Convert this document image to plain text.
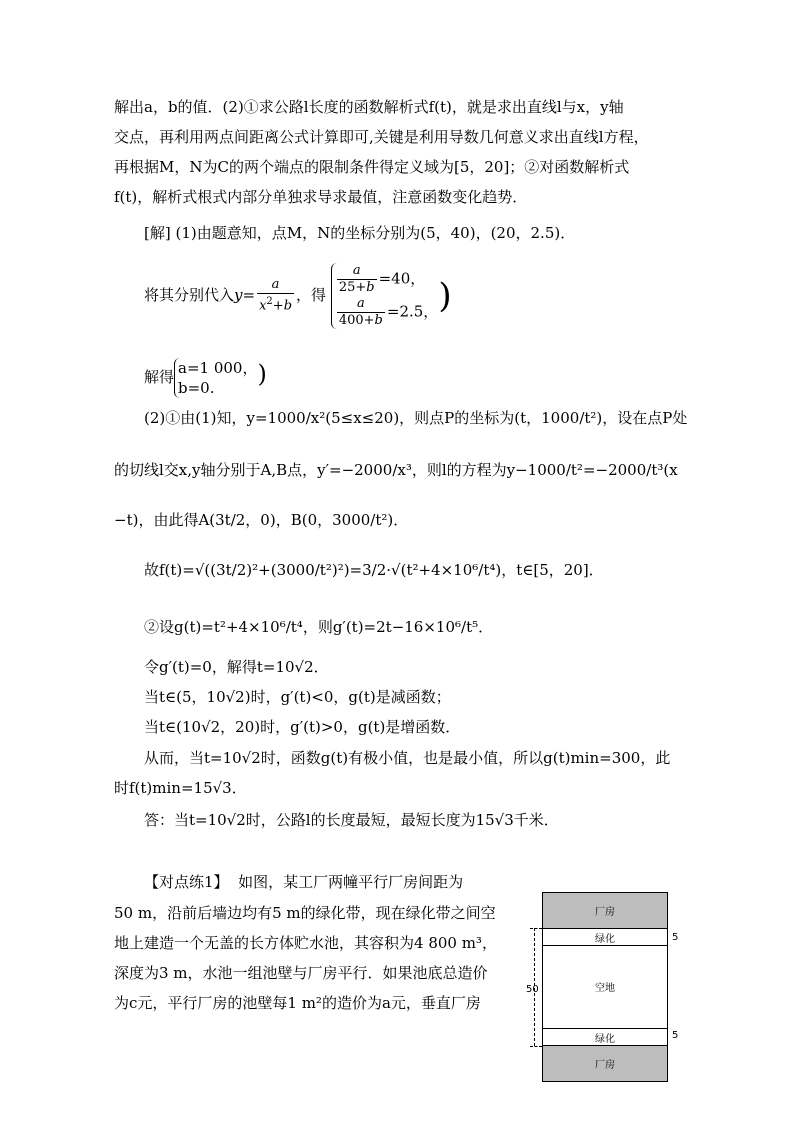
解出a，b的值．(2)①求公路l长度的函数解析式f(t)，就是求出直线l与x，y轴
交点，再利用两点间距离公式计算即可,关键是利用导数几何意义求出直线l方程，
再根据M，N为C的两个端点的限制条件得定义域为[5，20]；②对函数解析式
f(t)，解析式根式内部分单独求导求最值，注意函数变化趋势．
[解] (1)由题意知，点M，N的坐标分别为(5，40)，(20，2.5)．
将其分别代入$y= \frac{a}{x^2+b}$ ，得 $\frac{a}{25+b} =40$，
$\frac{a}{400+b} =2.5$， )
解得 a=1 000，
b=0.	)
(2)①由(1)知，y=1000/x²(5≤x≤20)，则点P的坐标为(t，1000/t²)，设在点P处
的切线l交x,y轴分别于A,B点，y′=−2000/x³，则l的方程为y−1000/t²=−2000/t³(x
−t)，由此得A(3t/2，0)，B(0，3000/t²)．
故f(t)=√((3t/2)²+(3000/t²)²)=3/2·√(t²+4×10⁶/t⁴)，t∈[5，20]．
②设g(t)=t²+4×10⁶/t⁴，则g′(t)=2t−16×10⁶/t⁵．
令g′(t)=0，解得t=10√2．
当t∈(5，10√2)时，g′(t)<0，g(t)是减函数；
当t∈(10√2，20)时，g′(t)>0，g(t)是增函数．
从而，当t=10√2时，函数g(t)有极小值，也是最小值，所以g(t)min=300，此
时f(t)min=15√3．
答：当t=10√2时，公路l的长度最短，最短长度为15√3千米．
【对点练1】 如图，某工厂两幢平行厂房间距为
50 m，沿前后墙边均有5 m的绿化带，现在绿化带之间空
地上建造一个无盖的长方体贮水池，其容积为4 800 m³，
深度为3 m，水池一组池壁与厂房平行．如果池底总造价
为c元，平行厂房的池壁每1 m²的造价为a元，垂直厂房
厂房
绿化
空地
绿化
厂房
50
5
5
